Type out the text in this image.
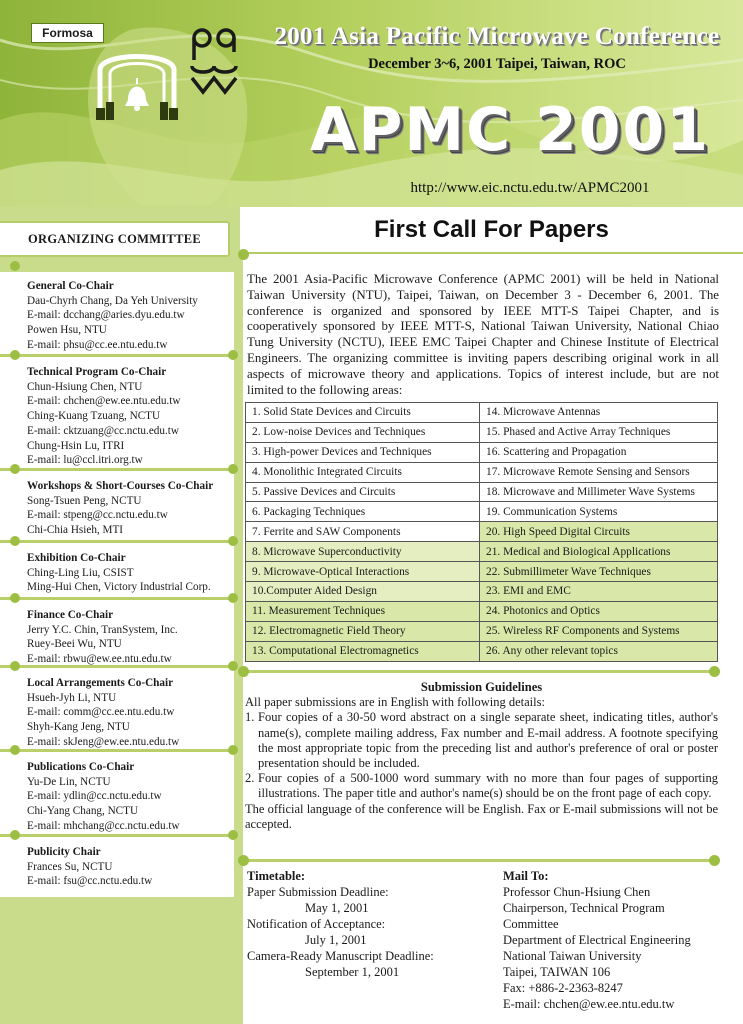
Formosa	2001 Asia Pacific Microwave Conference
December 3~6, 2001 Taipei, Taiwan, ROC
APMC 2001
http://www.eic.nctu.edu.tw/APMC2001
ORGANIZING COMMITTEE
General Co-Chair
Dau-Chyrh Chang, Da Yeh University
E-mail: dcchang@aries.dyu.edu.tw
Powen Hsu, NTU
E-mail: phsu@cc.ee.ntu.edu.tw
Technical Program Co-Chair
Chun-Hsiung Chen, NTU
E-mail: chchen@ew.ee.ntu.edu.tw
Ching-Kuang Tzuang, NCTU
E-mail: cktzuang@cc.nctu.edu.tw
Chung-Hsin Lu, ITRI
E-mail: lu@ccl.itri.org.tw
Workshops & Short-Courses Co-Chair
Song-Tsuen Peng, NCTU
E-mail: stpeng@cc.nctu.edu.tw
Chi-Chia Hsieh, MTI
Exhibition Co-Chair
Ching-Ling Liu, CSIST
Ming-Hui Chen, Victory Industrial Corp.
Finance Co-Chair
Jerry Y.C. Chin, TranSystem, Inc.
Ruey-Beei Wu, NTU
E-mail: rbwu@ew.ee.ntu.edu.tw
Local Arrangements Co-Chair
Hsueh-Jyh Li, NTU
E-mail: comm@cc.ee.ntu.edu.tw
Shyh-Kang Jeng, NTU
E-mail: skJeng@ew.ee.ntu.edu.tw
Publications Co-Chair
Yu-De Lin, NCTU
E-mail: ydlin@cc.nctu.edu.tw
Chi-Yang Chang, NCTU
E-mail: mhchang@cc.nctu.edu.tw
Publicity Chair
Frances Su, NCTU
E-mail: fsu@cc.nctu.edu.tw
First Call For Papers
The 2001 Asia-Pacific Microwave Conference (APMC 2001) will be held in National Taiwan University (NTU), Taipei, Taiwan, on December 3 - December 6, 2001. The conference is organized and sponsored by IEEE MTT-S Taipei Chapter, and is cooperatively sponsored by IEEE MTT-S, National Taiwan University, National Chiao Tung University (NCTU), IEEE EMC Taipei Chapter and Chinese Institute of Electrical Engineers. The organizing committee is inviting papers describing original work in all aspects of microwave theory and applications. Topics of interest include, but are not limited to the following areas:
1. Solid State Devices and Circuits	14. Microwave Antennas
2. Low-noise Devices and Techniques	15. Phased and Active Array Techniques
3. High-power Devices and Techniques	16. Scattering and Propagation
4. Monolithic Integrated Circuits	17. Microwave Remote Sensing and Sensors
5. Passive Devices and Circuits	18. Microwave and Millimeter Wave Systems
6. Packaging Techniques	19. Communication Systems
7. Ferrite and SAW Components	20. High Speed Digital Circuits
8. Microwave Superconductivity	21. Medical and Biological Applications
9. Microwave-Optical Interactions	22. Submillimeter Wave Techniques
10.Computer Aided Design	23. EMI and EMC
11. Measurement Techniques	24. Photonics and Optics
12. Electromagnetic Field Theory	25. Wireless RF Components and Systems
13. Computational Electromagnetics	26. Any other relevant topics
Submission Guidelines

All paper submissions are in English with following details:

1. Four copies of a 30-50 word abstract on a single separate sheet, indicating titles, author's name(s), complete mailing address, Fax number and E-mail address. A footnote specifying the most appropriate topic from the preceding list and author's preference of oral or poster presentation should be included.
2. Four copies of a 500-1000 word summary with no more than four pages of supporting illustrations. The paper title and author's name(s) should be on the front page of each copy.

The official language of the conference will be English. Fax or E-mail submissions will not be accepted.

Timetable:
Paper Submission Deadline:
May 1, 2001
Notification of Acceptance:
July 1, 2001
Camera-Ready Manuscript Deadline:
September 1, 2001
Mail To:
Professor Chun-Hsiung Chen
Chairperson, Technical Program
Committee
Department of Electrical Engineering
National Taiwan University
Taipei, TAIWAN 106
Fax: +886-2-2363-8247
E-mail: chchen@ew.ee.ntu.edu.tw
